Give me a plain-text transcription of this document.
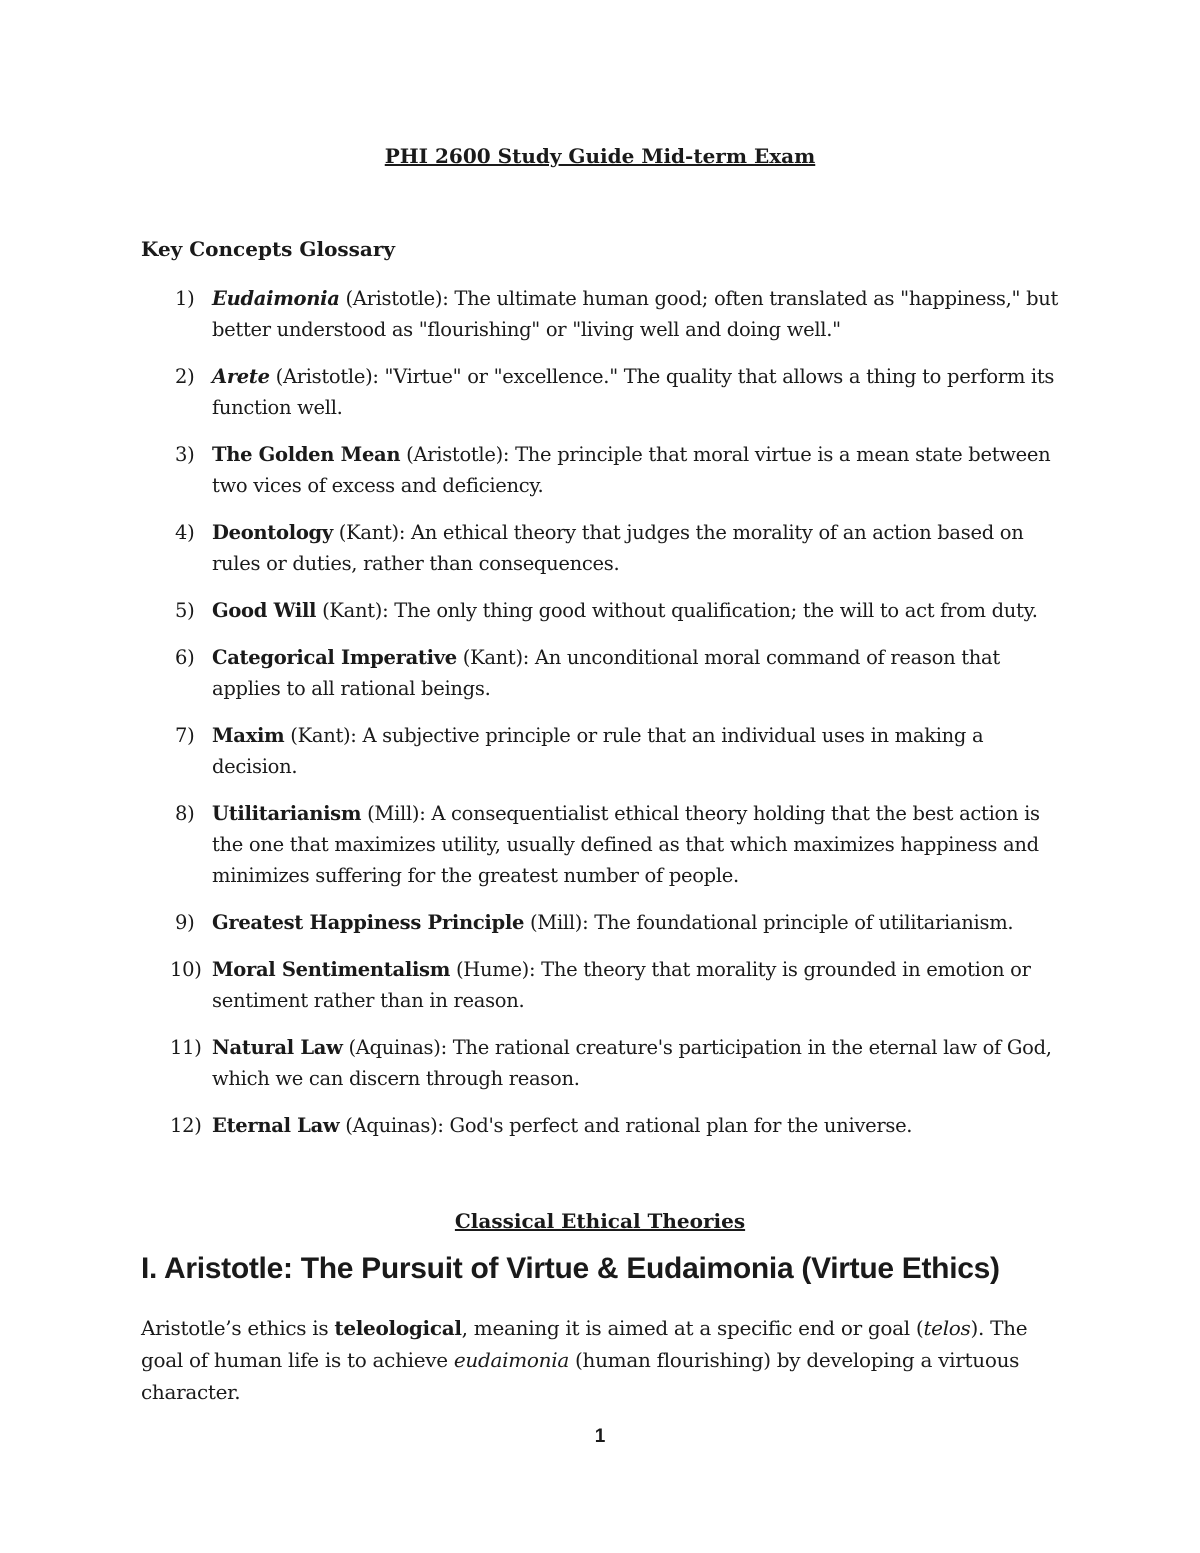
PHI 2600 Study Guide Mid-term Exam
Key Concepts Glossary
1) Eudaimonia (Aristotle): The ultimate human good; often translated as "happiness," but better understood as "flourishing" or "living well and doing well."
2) Arete (Aristotle): "Virtue" or "excellence." The quality that allows a thing to perform its function well.
3) The Golden Mean (Aristotle): The principle that moral virtue is a mean state between two vices of excess and deficiency.
4) Deontology (Kant): An ethical theory that judges the morality of an action based on rules or duties, rather than consequences.
5) Good Will (Kant): The only thing good without qualification; the will to act from duty.
6) Categorical Imperative (Kant): An unconditional moral command of reason that applies to all rational beings.
7) Maxim (Kant): A subjective principle or rule that an individual uses in making a decision.
8) Utilitarianism (Mill): A consequentialist ethical theory holding that the best action is the one that maximizes utility, usually defined as that which maximizes happiness and minimizes suffering for the greatest number of people.
9) Greatest Happiness Principle (Mill): The foundational principle of utilitarianism.
10) Moral Sentimentalism (Hume): The theory that morality is grounded in emotion or sentiment rather than in reason.
11) Natural Law (Aquinas): The rational creature's participation in the eternal law of God, which we can discern through reason.
12) Eternal Law (Aquinas): God's perfect and rational plan for the universe.
Classical Ethical Theories
I. Aristotle: The Pursuit of Virtue & Eudaimonia (Virtue Ethics)
Aristotle’s ethics is teleological, meaning it is aimed at a specific end or goal (telos). The goal of human life is to achieve eudaimonia (human flourishing) by developing a virtuous character.
1
